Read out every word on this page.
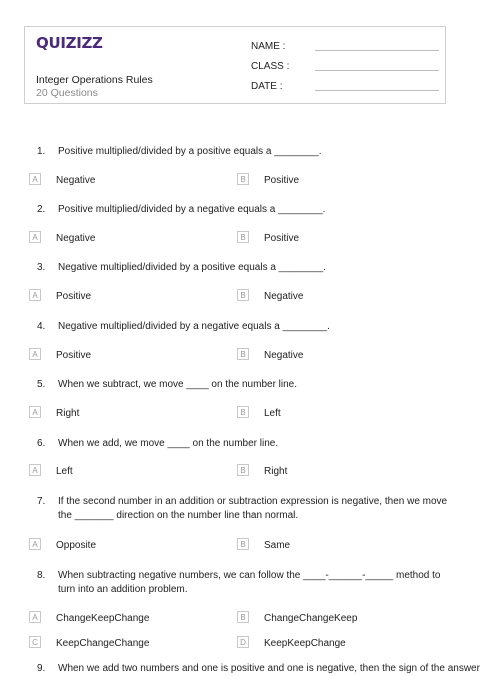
QUIZIZZ
Integer Operations Rules
20 Questions
NAME :
CLASS :
DATE :
1.	Positive multiplied/divided by a positive equals a ________.
A	Negative	B	Positive
2.	Positive multiplied/divided by a negative equals a ________.
A	Negative	B	Positive
3.	Negative multiplied/divided by a positive equals a ________.
A	Positive	B	Negative
4.	Negative multiplied/divided by a negative equals a ________.
A	Positive	B	Negative
5.	When we subtract, we move ____ on the number line.
A	Right	B	Left
6.	When we add, we move ____ on the number line.
A	Left	B	Right
7.	If the second number in an addition or subtraction expression is negative, then we move the _______ direction on the number line than normal.
A	Opposite	B	Same
8.	When subtracting negative numbers, we can follow the ____-______-_____ method to turn into an addition problem.
A	ChangeKeepChange	B	ChangeChangeKeep
C	KeepChangeChange	D	KeepKeepChange
9.	When we add two numbers and one is positive and one is negative, then the sign of the answer
